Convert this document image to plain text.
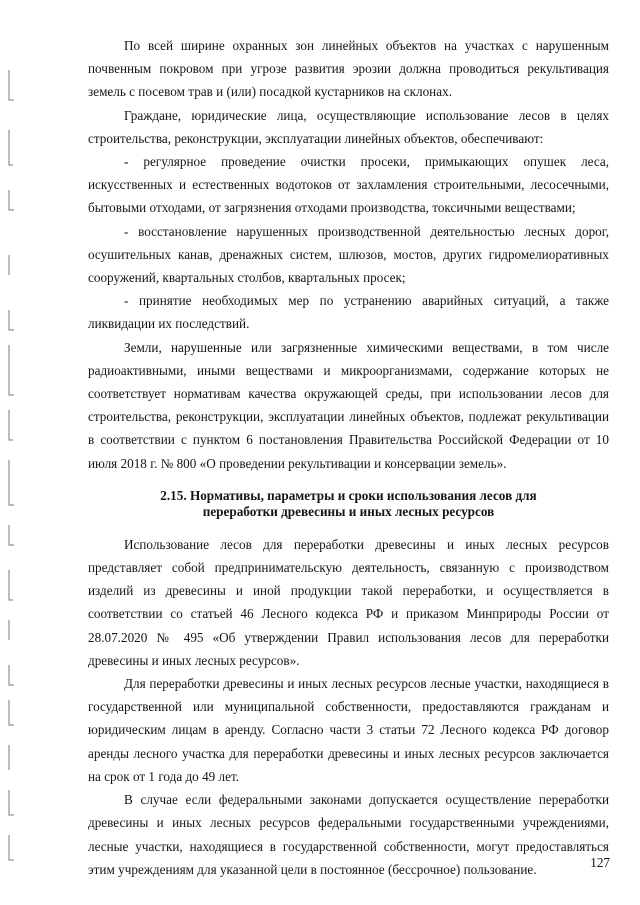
По всей ширине охранных зон линейных объектов на участках с нарушенным почвенным покровом при угрозе развития эрозии должна проводиться рекультивация земель с посевом трав и (или) посадкой кустарников на склонах.

Граждане, юридические лица, осуществляющие использование лесов в целях строительства, реконструкции, эксплуатации линейных объектов, обеспечивают:

- регулярное проведение очистки просеки, примыкающих опушек леса, искусственных и естественных водотоков от захламления строительными, лесосечными, бытовыми отходами, от загрязнения отходами производства, токсичными веществами;

- восстановление нарушенных производственной деятельностью лесных дорог, осушительных канав, дренажных систем, шлюзов, мостов, других гидромелиоративных сооружений, квартальных столбов, квартальных просек;

- принятие необходимых мер по устранению аварийных ситуаций, а также ликвидации их последствий.

Земли, нарушенные или загрязненные химическими веществами, в том числе радиоактивными, иными веществами и микроорганизмами, содержание которых не соответствует нормативам качества окружающей среды, при использовании лесов для строительства, реконструкции, эксплуатации линейных объектов, подлежат рекультивации в соответствии с пунктом 6 постановления Правительства Российской Федерации от 10 июля 2018 г. № 800 «О проведении рекультивации и консервации земель».

2.15. Нормативы, параметры и сроки использования лесов для
переработки древесины и иных лесных ресурсов

Использование лесов для переработки древесины и иных лесных ресурсов представляет собой предпринимательскую деятельность, связанную с производством изделий из древесины и иной продукции такой переработки, и осуществляется в соответствии со статьей 46 Лесного кодекса РФ и приказом Минприроды России от 28.07.2020 № 495 «Об утверждении Правил использования лесов для переработки древесины и иных лесных ресурсов».

Для переработки древесины и иных лесных ресурсов лесные участки, находящиеся в государственной или муниципальной собственности, предоставляются гражданам и юридическим лицам в аренду. Согласно части 3 статьи 72 Лесного кодекса РФ договор аренды лесного участка для переработки древесины и иных лесных ресурсов заключается на срок от 1 года до 49 лет.

В случае если федеральными законами допускается осуществление переработки древесины и иных лесных ресурсов федеральными государственными учреждениями, лесные участки, находящиеся в государственной собственности, могут предоставляться этим учреждениям для указанной цели в постоянное (бессрочное) пользование.	127
